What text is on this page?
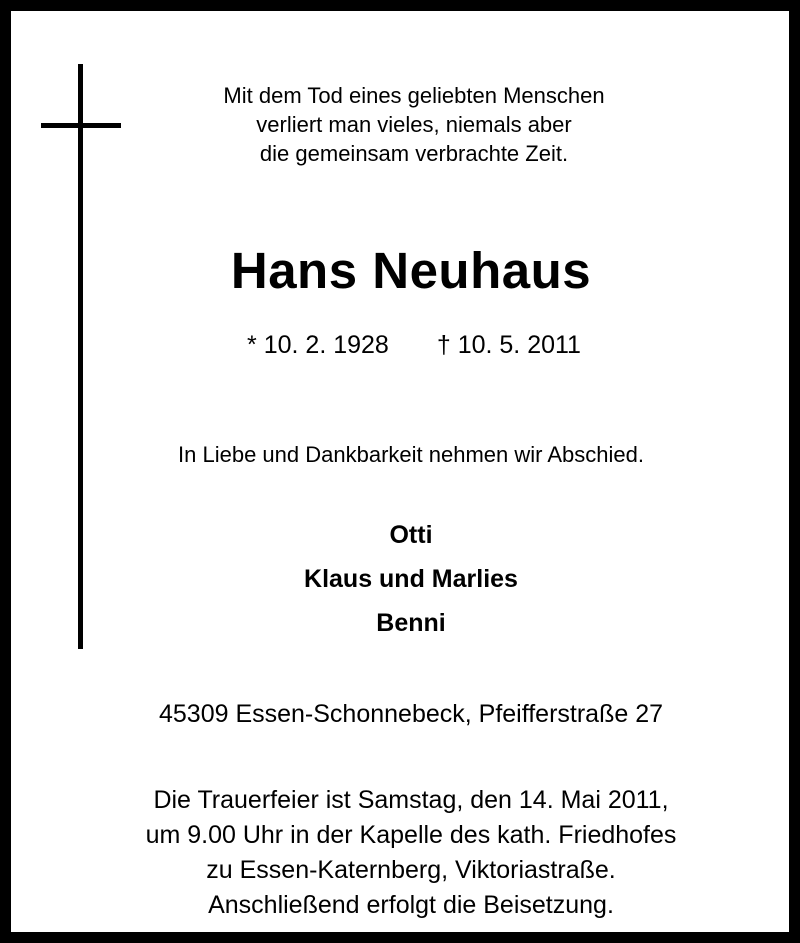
Mit dem Tod eines geliebten Menschen
verliert man vieles, niemals aber
die gemeinsam verbrachte Zeit.
Hans Neuhaus
* 10. 2. 1928 † 10. 5. 2011
In Liebe und Dankbarkeit nehmen wir Abschied.
Otti
Klaus und Marlies
Benni
45309 Essen-Schonnebeck, Pfeifferstraße 27
Die Trauerfeier ist Samstag, den 14. Mai 2011,
um 9.00 Uhr in der Kapelle des kath. Friedhofes
zu Essen-Katernberg, Viktoriastraße.
Anschließend erfolgt die Beisetzung.
